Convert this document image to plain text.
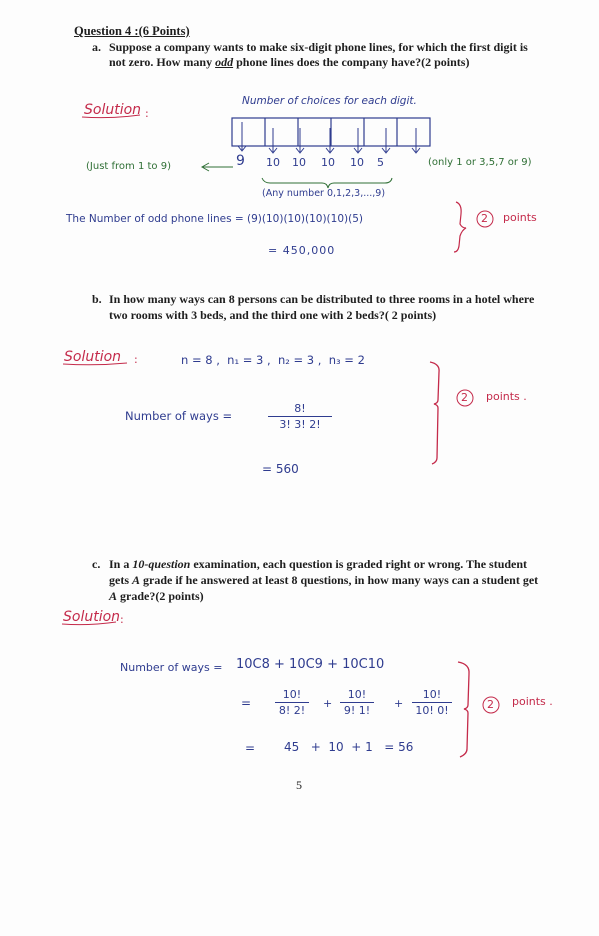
Question 4 :(6 Points)
a. Suppose a company wants to make six-digit phone lines, for which the first digit is
not zero. How many odd phone lines does the company have?(2 points)
b. In how many ways can 8 persons can be distributed to three rooms in a hotel where
two rooms with 3 beds, and the third one with 2 beds?( 2 points)
c. In a 10-question examination, each question is graded right or wrong. The student
gets A grade if he answered at least 8 questions, in how many ways can a student get
A grade?(2 points)
5
Solution :
Number of choices for each digit.
9 10 10 10 10 5
(Just from 1 to 9)	(only 1 or 3,5,7 or 9)
(Any number 0,1,2,3,...,9)
The Number of odd phone lines = (9)(10)(10)(10)(10)(5)
= 450,000
2 points
Solution :	n = 8 ,  n₁ = 3 ,  n₂ = 3 ,  n₃ = 2
Number of ways =	$\frac{8!}{3! 3! 2!}$
= 560
2 points .
Solution :
Number of ways = 10C8 + 10C9 + 10C10
= $\frac{10!}{8! 2!} + \frac{10!}{9! 1!} + \frac{10!}{10! 0!}$
= 45   +  10  + 1   = 56
2 points .
